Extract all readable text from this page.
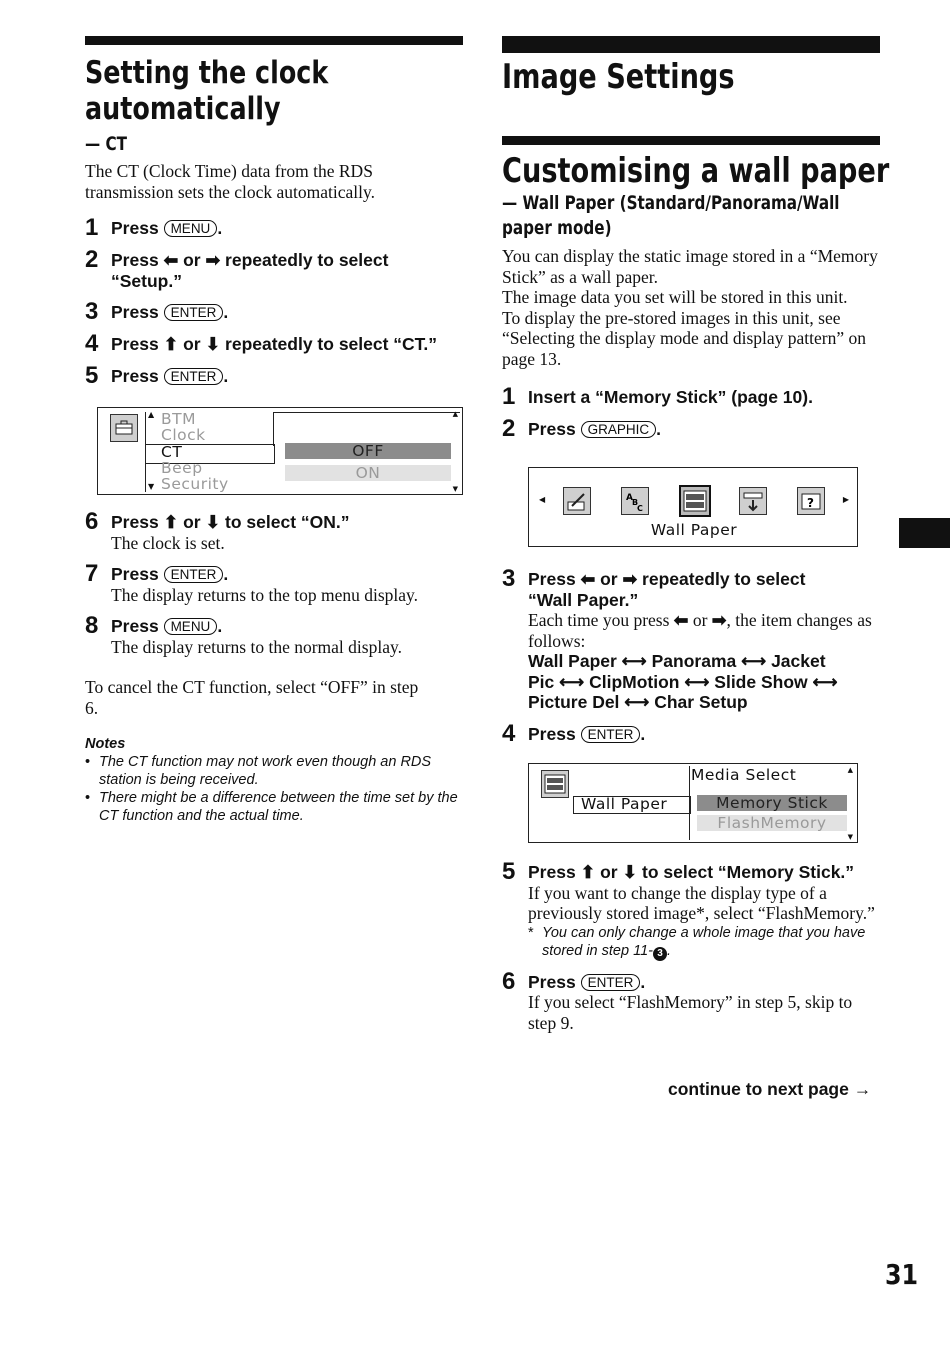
Setting the clock
automatically
— CT
The CT (Clock Time) data from the RDS transmission sets the clock automatically.
1 Press MENU .
2 Press ⬅ or ➡ repeatedly to select
“Setup.”
3 Press ENTER .
4 Press ⬆ or ⬇ repeatedly to select “CT.”
5 Press ENTER .
▲
▼
BTM
Clock
CT
Beep
Security
OFF
ON
▲
▼
6 Press ⬆ or ⬇ to select “ON.”
The clock is set.
7 Press ENTER .
The display returns to the top menu display.
8 Press MENU .
The display returns to the normal display.
To cancel the CT function, select “OFF” in step 6.
Notes
• The CT function may not work even though an RDS station is being received.
• There might be a difference between the time set by the CT function and the actual time.
Image Settings
Customising a wall paper
— Wall Paper (Standard/Panorama/Wall
paper mode)
You can display the static image stored in a “Memory Stick” as a wall paper.
The image data you set will be stored in this unit.
To display the pre-stored images in this unit, see “Selecting the display mode and display pattern” on page 13.
1 Insert a “Memory Stick” (page 10).
2 Press GRAPHIC .
◀	A B
C	?	▶
Wall Paper
3 Press ⬅ or ➡ repeatedly to select
“Wall Paper.”
Each time you press ⬅ or ➡, the item changes as follows:
Wall Paper ⟷ Panorama ⟷ Jacket
Pic ⟷ ClipMotion ⟷ Slide Show ⟷
Picture Del ⟷ Char Setup
4 Press ENTER .
Wall Paper
Media Select
Memory Stick
FlashMemory
▲
▼
5 Press ⬆ or ⬇ to select “Memory Stick.”
If you want to change the display type of a previously stored image*, select “FlashMemory.”
* You can only change a whole image that you have stored in step 11- 3 .
6 Press ENTER .
If you select “FlashMemory” in step 5, skip to step 9.
continue to next page →
31
